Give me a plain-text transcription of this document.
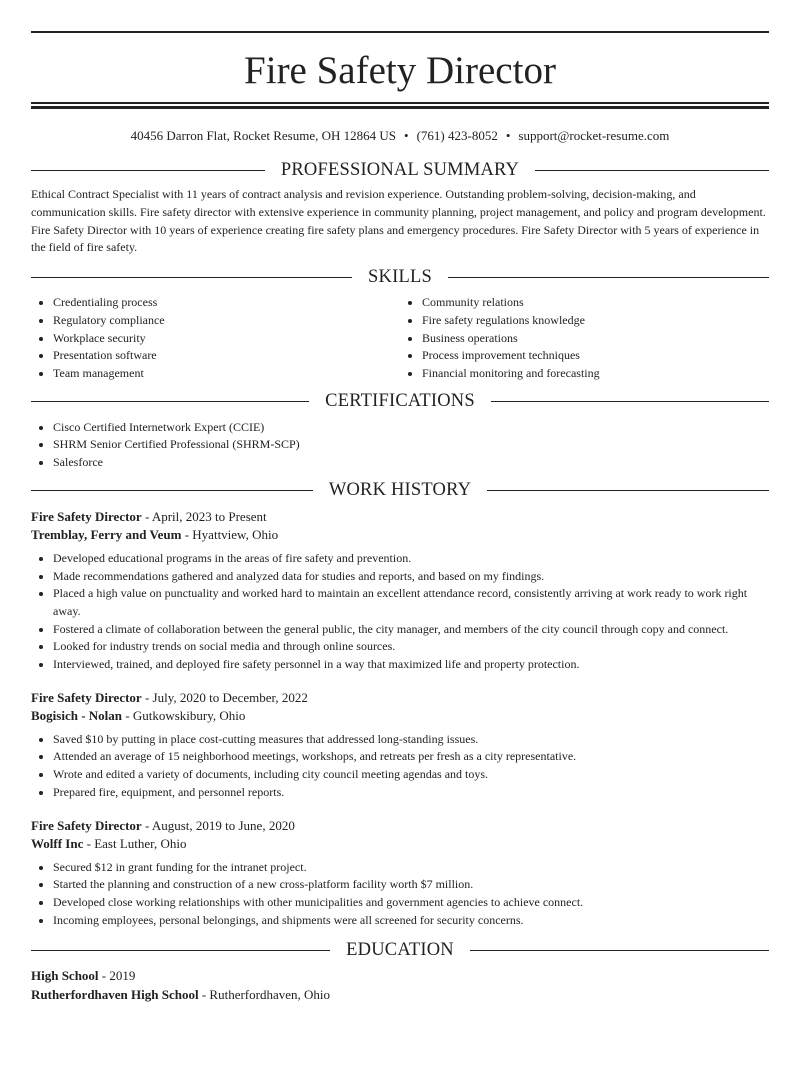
Fire Safety Director
40456 Darron Flat, Rocket Resume, OH 12864 US • (761) 423-8052 • support@rocket-resume.com
PROFESSIONAL SUMMARY

Ethical Contract Specialist with 11 years of contract analysis and revision experience. Outstanding problem-solving, decision-making, and communication skills. Fire safety director with extensive experience in community planning, project management, and policy and program development. Fire Safety Director with 10 years of experience creating fire safety plans and emergency procedures. Fire Safety Director with 5 years of experience in the field of fire safety.

SKILLS
• Credentialing process
• Regulatory compliance
• Workplace security
• Presentation software
• Team management
• Community relations
• Fire safety regulations knowledge
• Business operations
• Process improvement techniques
• Financial monitoring and forecasting
CERTIFICATIONS
• Cisco Certified Internetwork Expert (CCIE)
• SHRM Senior Certified Professional (SHRM-SCP)
• Salesforce
WORK HISTORY
Fire Safety Director - April, 2023 to Present
Tremblay, Ferry and Veum - Hyattview, Ohio
• Developed educational programs in the areas of fire safety and prevention.
• Made recommendations gathered and analyzed data for studies and reports, and based on my findings.
• Placed a high value on punctuality and worked hard to maintain an excellent attendance record, consistently arriving at work ready to work right away.
• Fostered a climate of collaboration between the general public, the city manager, and members of the city council through copy and connect.
• Looked for industry trends on social media and through online sources.
• Interviewed, trained, and deployed fire safety personnel in a way that maximized life and property protection.
Fire Safety Director - July, 2020 to December, 2022
Bogisich - Nolan - Gutkowskibury, Ohio
• Saved $10 by putting in place cost-cutting measures that addressed long-standing issues.
• Attended an average of 15 neighborhood meetings, workshops, and retreats per fresh as a city representative.
• Wrote and edited a variety of documents, including city council meeting agendas and toys.
• Prepared fire, equipment, and personnel reports.
Fire Safety Director - August, 2019 to June, 2020
Wolff Inc - East Luther, Ohio
• Secured $12 in grant funding for the intranet project.
• Started the planning and construction of a new cross-platform facility worth $7 million.
• Developed close working relationships with other municipalities and government agencies to achieve connect.
• Incoming employees, personal belongings, and shipments were all screened for security concerns.
EDUCATION
High School - 2019
Rutherfordhaven High School - Rutherfordhaven, Ohio
